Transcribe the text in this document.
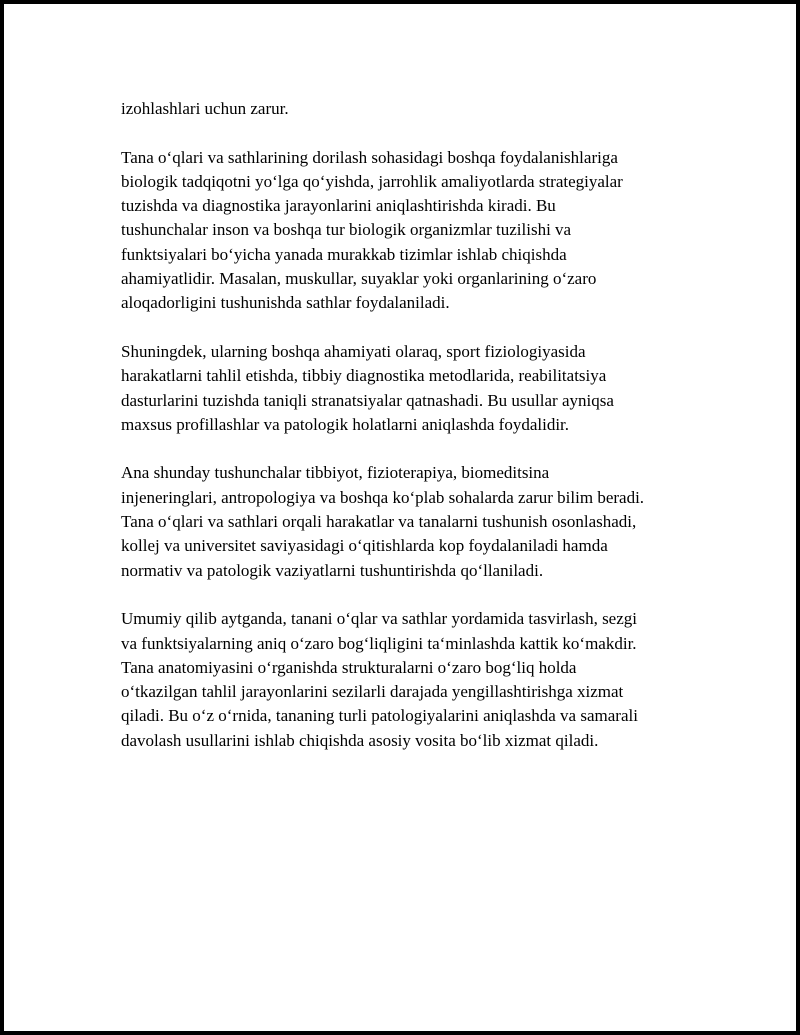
izohlashlari uchun zarur.

Tana o‘qlari va sathlarining dorilash sohasidagi boshqa foydalanishlariga
biologik tadqiqotni yo‘lga qo‘yishda, jarrohlik amaliyotlarda strategiyalar
tuzishda va diagnostika jarayonlarini aniqlashtirishda kiradi. Bu
tushunchalar inson va boshqa tur biologik organizmlar tuzilishi va
funktsiyalari bo‘yicha yanada murakkab tizimlar ishlab chiqishda
ahamiyatlidir. Masalan, muskullar, suyaklar yoki organlarining o‘zaro
aloqadorligini tushunishda sathlar foydalaniladi.

Shuningdek, ularning boshqa ahamiyati olaraq, sport fiziologiyasida
harakatlarni tahlil etishda, tibbiy diagnostika metodlarida, reabilitatsiya
dasturlarini tuzishda taniqli stranatsiyalar qatnashadi. Bu usullar ayniqsa
maxsus profillashlar va patologik holatlarni aniqlashda foydalidir.

Ana shunday tushunchalar tibbiyot, fizioterapiya, biomeditsina
injeneringlari, antropologiya va boshqa ko‘plab sohalarda zarur bilim beradi.
Tana o‘qlari va sathlari orqali harakatlar va tanalarni tushunish osonlashadi,
kollej va universitet saviyasidagi o‘qitishlarda kop foydalaniladi hamda
normativ va patologik vaziyatlarni tushuntirishda qo‘llaniladi.

Umumiy qilib aytganda, tanani o‘qlar va sathlar yordamida tasvirlash, sezgi
va funktsiyalarning aniq o‘zaro bog‘liqligini ta‘minlashda kattik ko‘makdir.
Tana anatomiyasini o‘rganishda strukturalarni o‘zaro bog‘liq holda
o‘tkazilgan tahlil jarayonlarini sezilarli darajada yengillashtirishga xizmat
qiladi. Bu o‘z o‘rnida, tananing turli patologiyalarini aniqlashda va samarali
davolash usullarini ishlab chiqishda asosiy vosita bo‘lib xizmat qiladi.
